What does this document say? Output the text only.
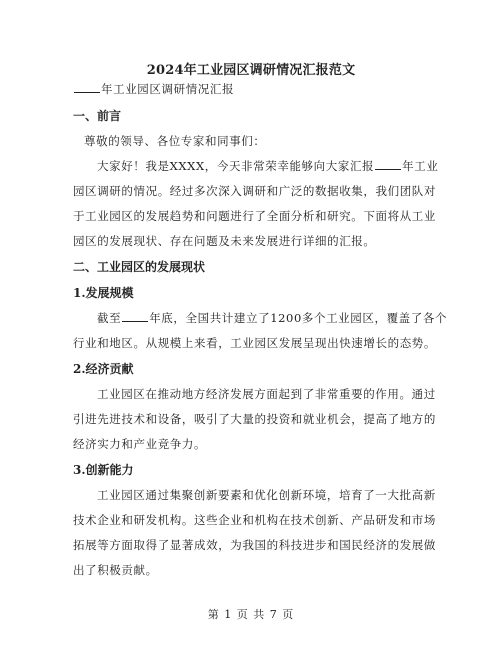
2024年工业园区调研情况汇报范文
年工业园区调研情况汇报
一、前言
尊敬的领导、各位专家和同事们：
大家好！我是XXXX，今天非常荣幸能够向大家汇报 年工业
园区调研的情况。经过多次深入调研和广泛的数据收集，我们团队对
于工业园区的发展趋势和问题进行了全面分析和研究。下面将从工业
园区的发展现状、存在问题及未来发展进行详细的汇报。
二、工业园区的发展现状
1.发展规模
截至 年底，全国共计建立了1200多个工业园区，覆盖了各个
行业和地区。从规模上来看，工业园区发展呈现出快速增长的态势。
2.经济贡献
工业园区在推动地方经济发展方面起到了非常重要的作用。通过
引进先进技术和设备，吸引了大量的投资和就业机会，提高了地方的
经济实力和产业竞争力。
3.创新能力
工业园区通过集聚创新要素和优化创新环境，培育了一大批高新
技术企业和研发机构。这些企业和机构在技术创新、产品研发和市场
拓展等方面取得了显著成效，为我国的科技进步和国民经济的发展做
出了积极贡献。
第 1 页 共 7 页
